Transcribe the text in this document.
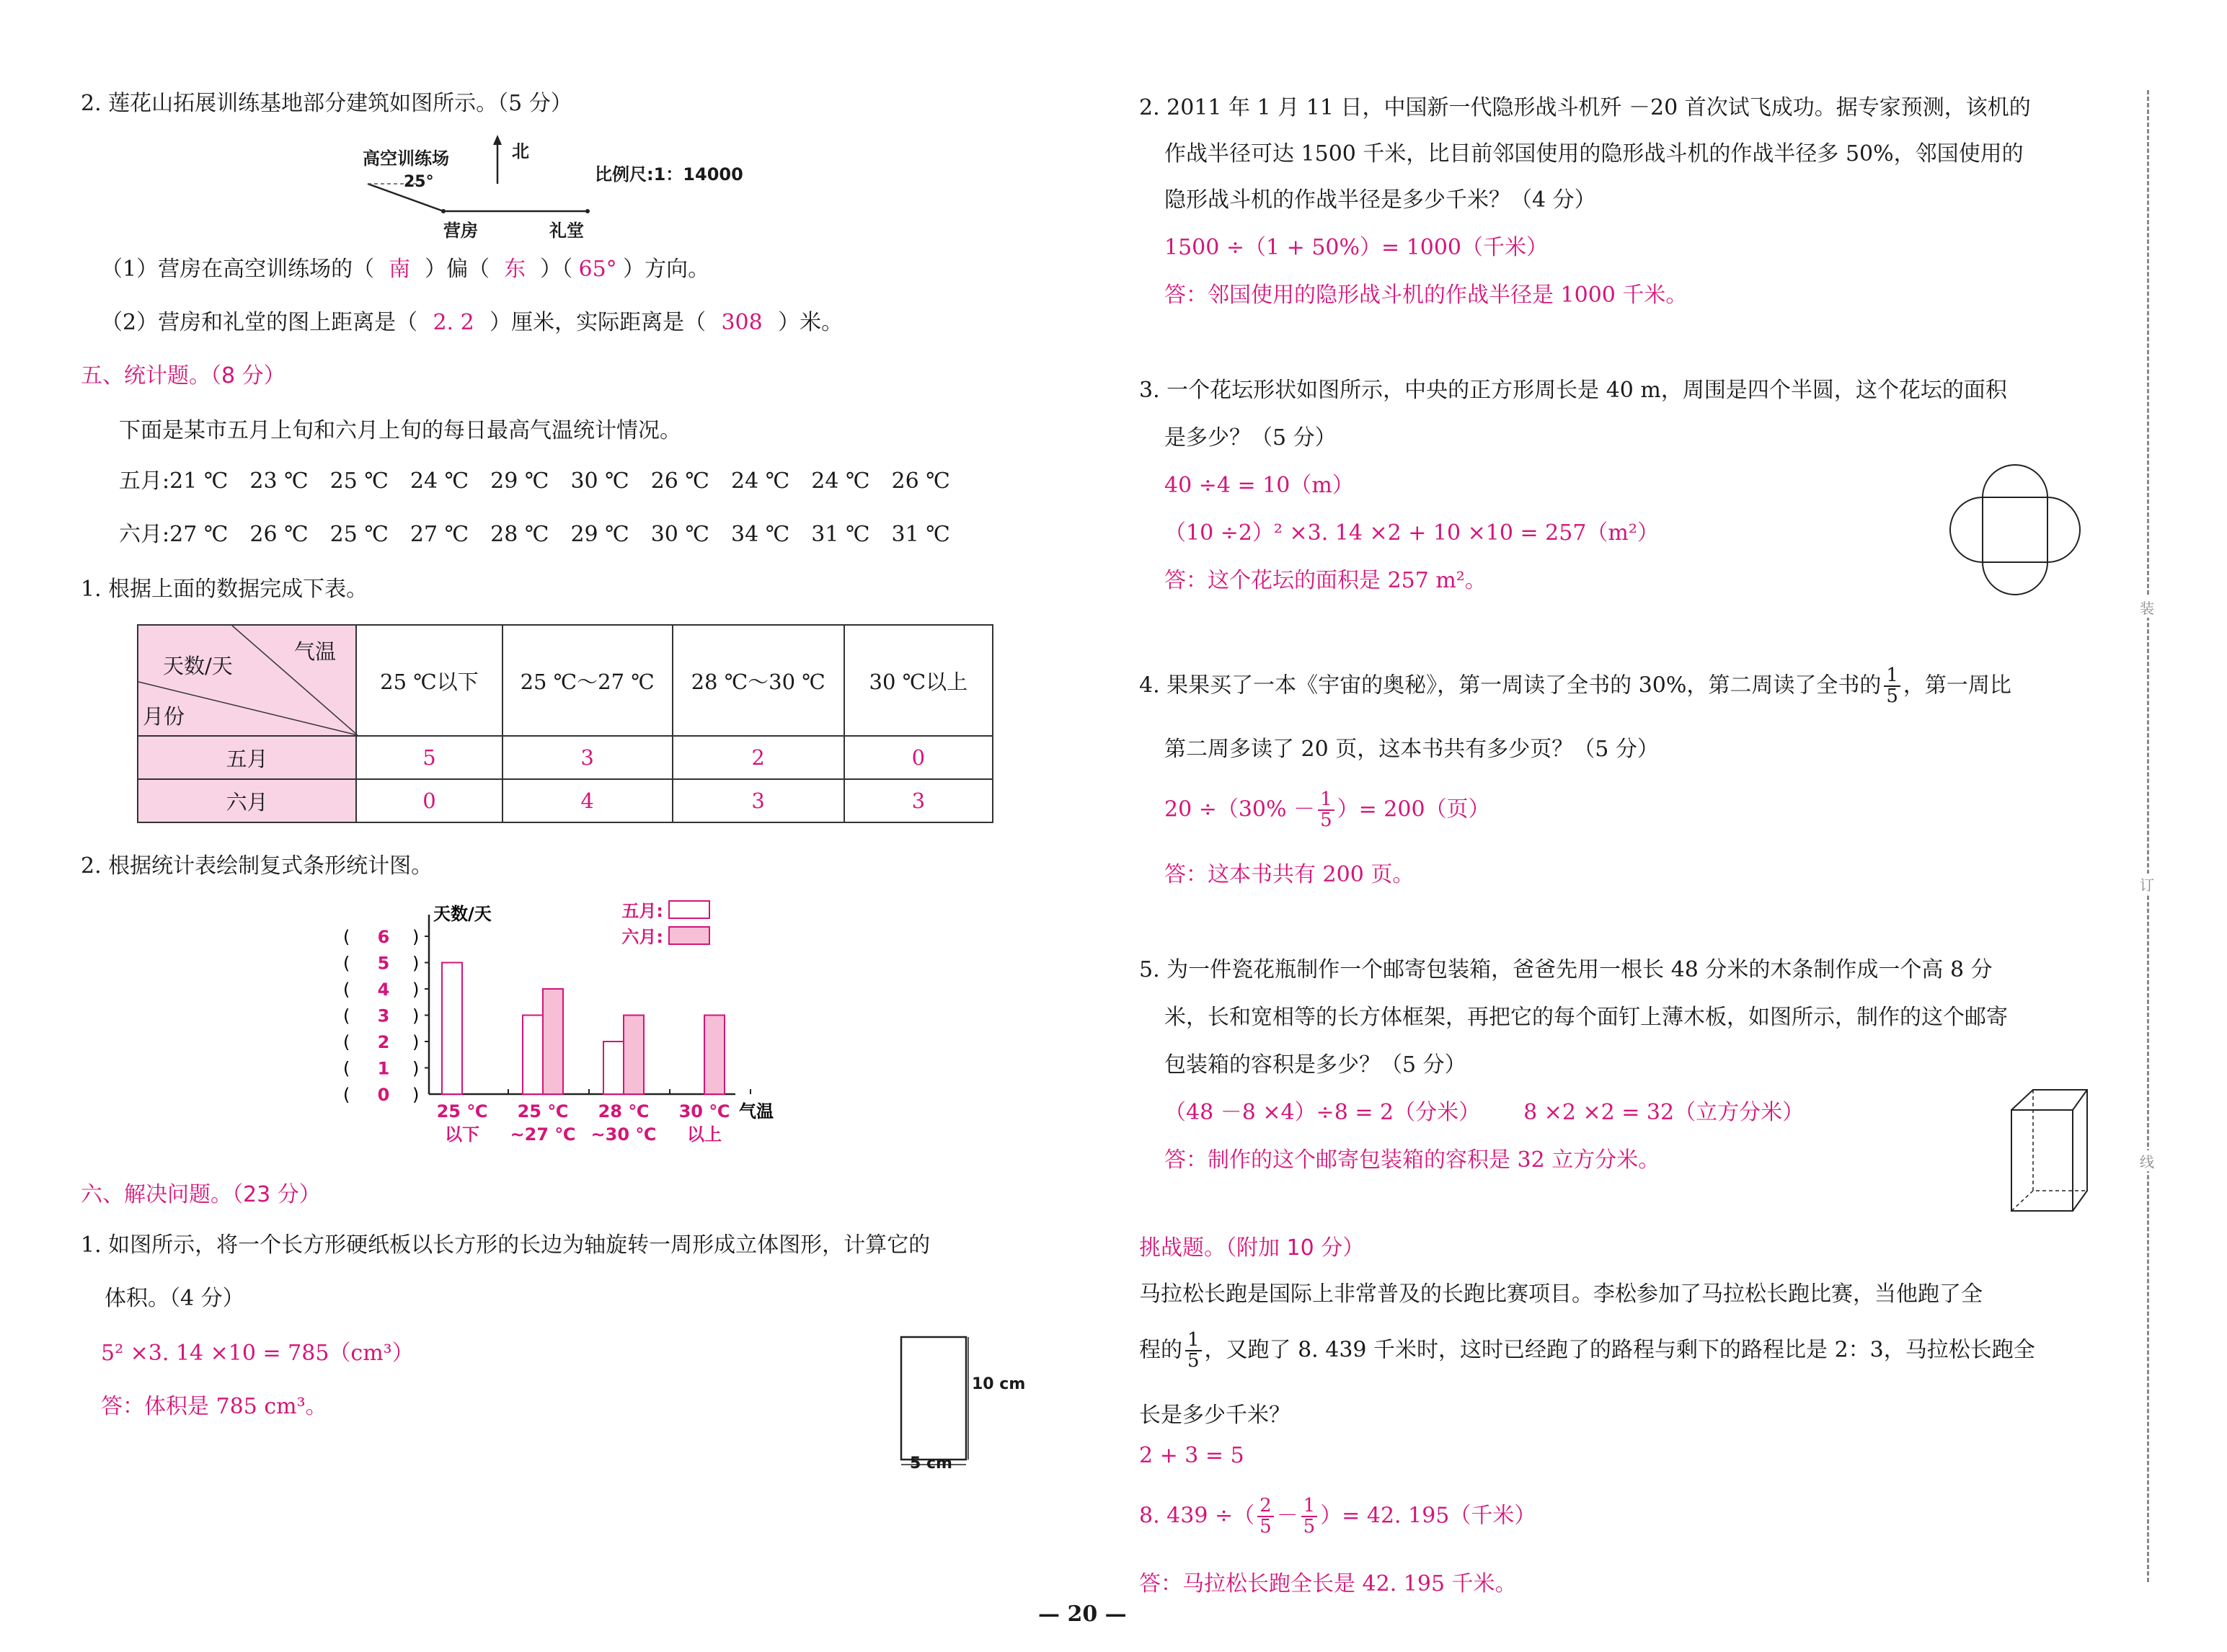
2. 莲花山拓展训练基地部分建筑如图所示。（5 分）
高空训练场	北
25°	比例尺:1：14000
营房	礼堂
（1）营房在高空训练场的（ 南 ）偏（ 东 ）（ 65° ）方向。
（2）营房和礼堂的图上距离是（ 2. 2 ）厘米，实际距离是（ 308 ）米。
五、统计题。（8 分）
下面是某市五月上旬和六月上旬的每日最高气温统计情况。
五月:21 ℃　23 ℃　25 ℃　24 ℃　29 ℃　30 ℃　26 ℃　24 ℃　24 ℃　26 ℃
六月:27 ℃　26 ℃　25 ℃　27 ℃　28 ℃　29 ℃　30 ℃　34 ℃　31 ℃　31 ℃
1. 根据上面的数据完成下表。
气温
天数/天
月份	25 ℃以下	25 ℃～27 ℃	28 ℃～30 ℃	30 ℃以上
五月	5	3	2	0
六月	0	4	3	3
2. 根据统计表绘制复式条形统计图。
天数/天
气温
(	)
0
(	)
1
(	)
2
(	)
3
(	)
4
(	)
5
(	)
6
25 ℃
以下
25 ℃
~27 ℃
28 ℃
~30 ℃
30 ℃
以上
五月:
六月:
六、解决问题。（23 分）
1. 如图所示，将一个长方形硬纸板以长方形的长边为轴旋转一周形成立体图形，计算它的
体积。（4 分）
5² ×3. 14 ×10 = 785（cm³）
答：体积是 785 cm³。
10 cm
5 cm
2. 2011 年 1 月 11 日，中国新一代隐形战斗机歼 －20 首次试飞成功。据专家预测，该机的
作战半径可达 1500 千米，比目前邻国使用的隐形战斗机的作战半径多 50%，邻国使用的
隐形战斗机的作战半径是多少千米？（4 分）
1500 ÷（1 + 50%）= 1000（千米）
答：邻国使用的隐形战斗机的作战半径是 1000 千米。
3. 一个花坛形状如图所示，中央的正方形周长是 40 m，周围是四个半圆，这个花坛的面积
是多少？（5 分）
40 ÷4 = 10（m）
（10 ÷2）² ×3. 14 ×2 + 10 ×10 = 257（m²）
答：这个花坛的面积是 257 m²。
4. 果果买了一本《宇宙的奥秘》，第一周读了全书的 30%，第二周读了全书的 $\frac{1}{5}$ ，第一周比
第二周多读了 20 页，这本书共有多少页？（5 分）
$20 \div(30\% - \frac{1}{5}$ ）= 200（页）
答：这本书共有 200 页。
5. 为一件瓷花瓶制作一个邮寄包装箱，爸爸先用一根长 48 分米的木条制作成一个高 8 分
米，长和宽相等的长方体框架，再把它的每个面钉上薄木板，如图所示，制作的这个邮寄
包装箱的容积是多少？（5 分）
（48 －8 ×4）÷8 = 2（分米） 8 ×2 ×2 = 32（立方分米）
答：制作的这个邮寄包装箱的容积是 32 立方分米。
挑战题。（附加 10 分）
马拉松长跑是国际上非常普及的长跑比赛项目。李松参加了马拉松长跑比赛，当他跑了全
程的 $\frac{1}{5}$ ，又跑了 8. 439 千米时，这时已经跑了的路程与剩下的路程比是 2：3，马拉松长跑全
长是多少千米？
2 + 3 = 5
8. 439 ÷（ $\frac{2}{5} - \frac{1}{5}$ ）= 42. 195（千米）
答：马拉松长跑全长是 42. 195 千米。
装
订
线
— 20 —
